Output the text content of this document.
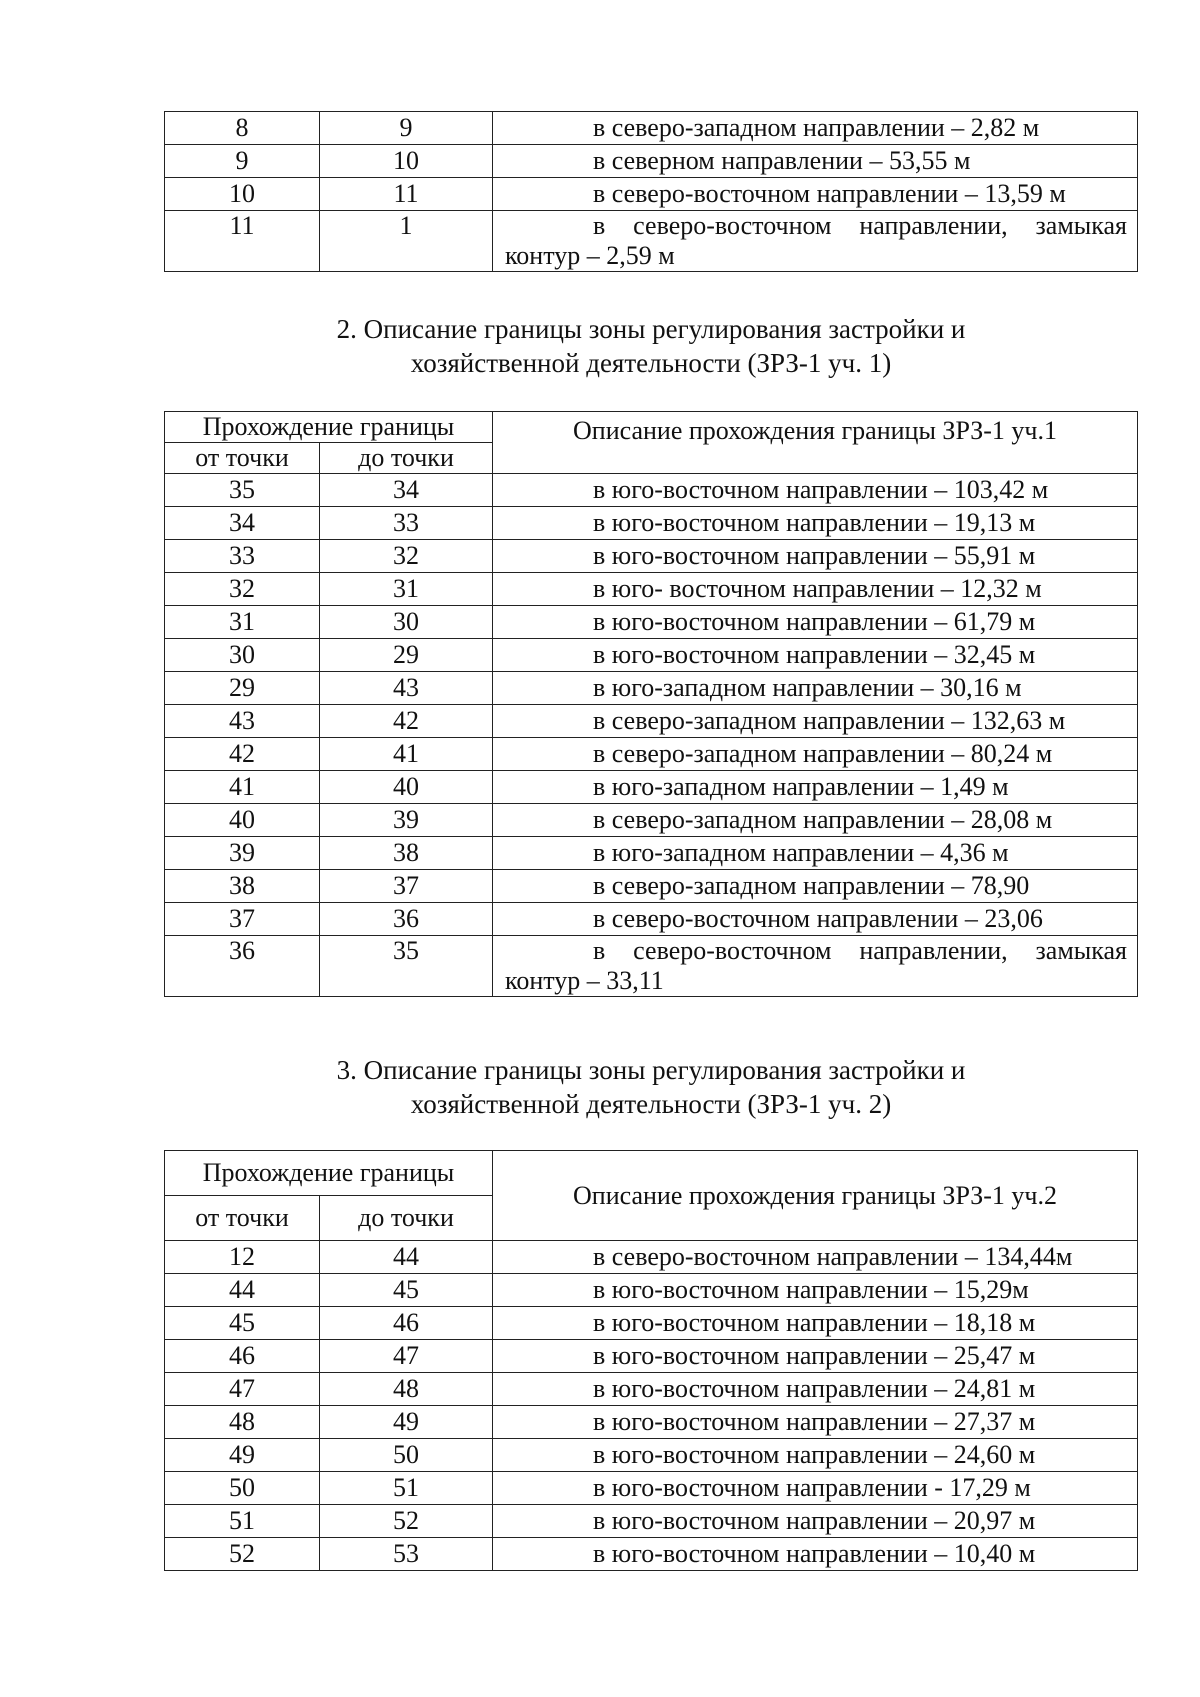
8	9	в северо-западном направлении – 2,82 м
9	10	в северном направлении – 53,55 м
10	11	в северо-восточном направлении – 13,59 м
11	1	в северо-восточном направлении, замыкая контур – 2,59 м
2. Описание границы зоны регулирования застройки и
хозяйственной деятельности (ЗРЗ-1 уч. 1)
Прохождение границы		Описание прохождения границы ЗРЗ-1 уч.1
от точки	до точки	
35	34	в юго-восточном направлении – 103,42 м
34	33	в юго-восточном направлении – 19,13 м
33	32	в юго-восточном направлении – 55,91 м
32	31	в юго- восточном направлении – 12,32 м
31	30	в юго-восточном направлении – 61,79 м
30	29	в юго-восточном направлении – 32,45 м
29	43	в юго-западном направлении – 30,16 м
43	42	в северо-западном направлении – 132,63 м
42	41	в северо-западном направлении – 80,24 м
41	40	в юго-западном направлении – 1,49 м
40	39	в северо-западном направлении – 28,08 м
39	38	в юго-западном направлении – 4,36 м
38	37	в северо-западном направлении – 78,90
37	36	в северо-восточном направлении – 23,06
36	35	в северо-восточном направлении, замыкая контур – 33,11
3. Описание границы зоны регулирования застройки и
хозяйственной деятельности (ЗРЗ-1 уч. 2)
Прохождение границы		Описание прохождения границы ЗРЗ-1 уч.2
от точки	до точки	
12	44	в северо-восточном направлении – 134,44м
44	45	в юго-восточном направлении – 15,29м
45	46	в юго-восточном направлении – 18,18 м
46	47	в юго-восточном направлении – 25,47 м
47	48	в юго-восточном направлении – 24,81 м
48	49	в юго-восточном направлении – 27,37 м
49	50	в юго-восточном направлении – 24,60 м
50	51	в юго-восточном направлении - 17,29 м
51	52	в юго-восточном направлении – 20,97 м
52	53	в юго-восточном направлении – 10,40 м
